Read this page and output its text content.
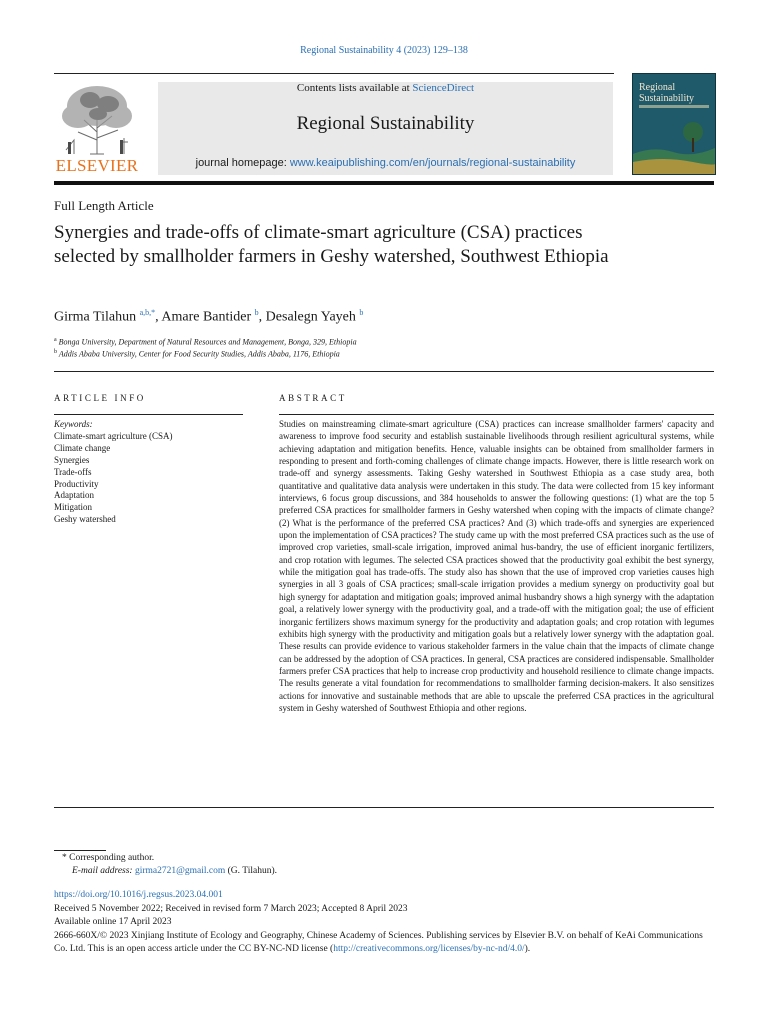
Regional Sustainability 4 (2023) 129–138
Contents lists available at ScienceDirect
Regional Sustainability
journal homepage: www.keaipublishing.com/en/journals/regional-sustainability
ELSEVIER
Regional
Sustainability
Full Length Article
Synergies and trade-offs of climate-smart agriculture (CSA) practices selected by smallholder farmers in Geshy watershed, Southwest Ethiopia
Girma Tilahun $^{a,b,*}$, Amare Bantider $^b$, Desalegn Yayeh $^b$
$^a$ Bonga University, Department of Natural Resources and Management, Bonga, 329, Ethiopia
$^b$ Addis Ababa University, Center for Food Security Studies, Addis Ababa, 1176, Ethiopia
ARTICLE INFO
Keywords:
Climate-smart agriculture (CSA)
Climate change
Synergies
Trade-offs
Productivity
Adaptation
Mitigation
Geshy watershed
ABSTRACT
Studies on mainstreaming climate-smart agriculture (CSA) practices can increase smallholder farmers' capacity and awareness to improve food security and establish sustainable livelihoods through resilient agricultural systems, while achieving adaptation and mitigation benefits. Hence, valuable insights can be obtained from smallholder farmers in responding to present and forth-coming challenges of climate change impacts. However, there is little research work on trade-off and synergy assessments. Taking Geshy watershed in Southwest Ethiopia as a case study area, both quantitative and qualitative data analysis were undertaken in this study. The data were collected from 15 key informant interviews, 6 focus group discussions, and 384 households to answer the following questions: (1) what are the top 5 preferred CSA practices for smallholder farmers in Geshy watershed when coping with the impacts of climate change? (2) What is the performance of the preferred CSA practices? And (3) which trade-offs and synergies are experienced upon the implementation of CSA practices? The study came up with the most preferred CSA practices such as the use of improved crop varieties, small-scale irrigation, improved animal hus-bandry, the use of efficient inorganic fertilizers, and crop rotation with legumes. The selected CSA practices showed that the productivity goal exhibit the best synergy, while the mitigation goal has trade-offs. The study also has shown that the use of improved crop varieties causes high synergies in all 3 goals of CSA practices; small-scale irrigation provides a medium synergy on productivity goal but high synergy for adaptation and mitigation goals; improved animal husbandry shows a high synergy with the adaptation goal, a relatively lower synergy with the productivity goal, and a trade-off with the mitigation goal; the use of efficient inorganic fertilizers shows maximum synergy for the productivity and adaptation goals; and crop rotation with legumes exhibits high synergy with the productivity and mitigation goals but a relatively lower synergy with the adaptation goal. These results can provide evidence to various stakeholder farmers in the value chain that the impacts of climate change can be addressed by the adoption of CSA practices. In general, CSA practices are considered indispensable. Smallholder farmers prefer CSA practices that help to increase crop productivity and household resilience to climate change impacts. The results generate a vital foundation for recommendations to smallholder farming decision-makers. It also sensitizes actions for innovative and sustainable methods that are able to upscale the preferred CSA practices in the agricultural system in Geshy watershed of Southwest Ethiopia and other regions.
* Corresponding author.
E-mail address: girma2721@gmail.com (G. Tilahun).
https://doi.org/10.1016/j.regsus.2023.04.001
Received 5 November 2022; Received in revised form 7 March 2023; Accepted 8 April 2023
Available online 17 April 2023
2666-660X/© 2023 Xinjiang Institute of Ecology and Geography, Chinese Academy of Sciences. Publishing services by Elsevier B.V. on behalf of KeAi Communications Co. Ltd. This is an open access article under the CC BY-NC-ND license (http://creativecommons.org/licenses/by-nc-nd/4.0/).
